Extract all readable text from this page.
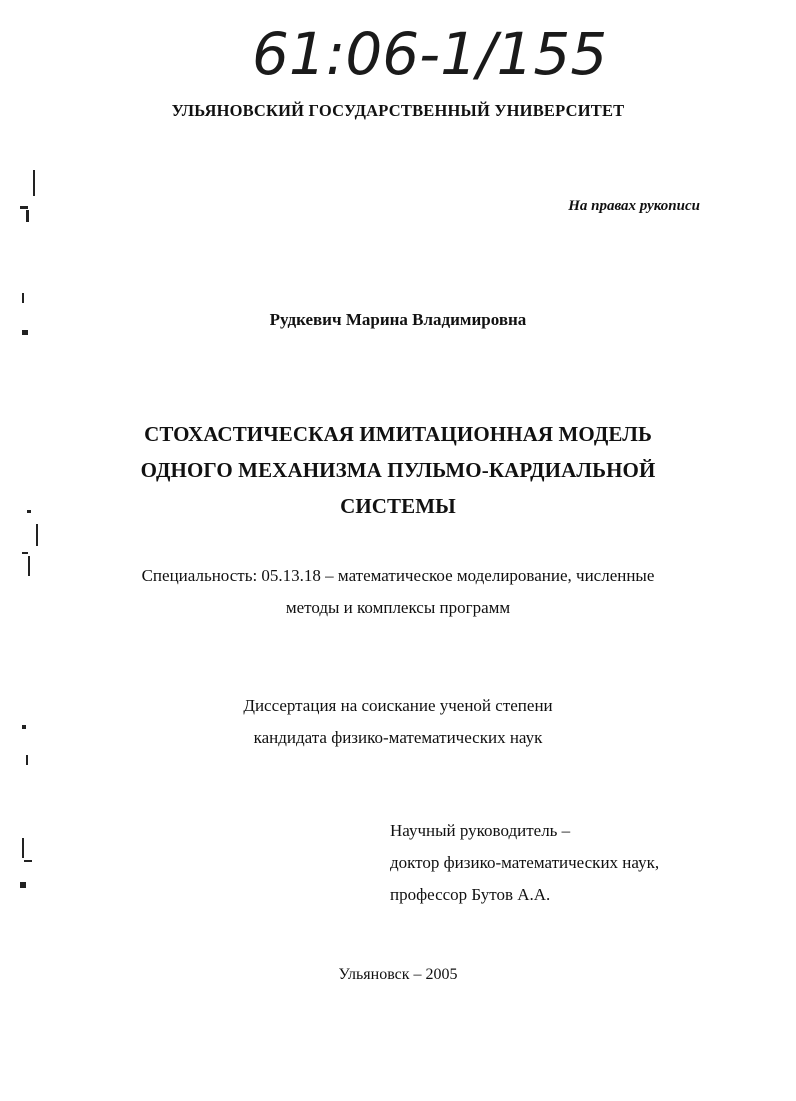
61:06-1/155
УЛЬЯНОВСКИЙ ГОСУДАРСТВЕННЫЙ УНИВЕРСИТЕТ
На правах рукописи
Рудкевич Марина Владимировна
СТОХАСТИЧЕСКАЯ ИМИТАЦИОННАЯ МОДЕЛЬ
ОДНОГО МЕХАНИЗМА ПУЛЬМО-КАРДИАЛЬНОЙ
СИСТЕМЫ
Специальность: 05.13.18 – математическое моделирование, численные
методы и комплексы программ
Диссертация на соискание ученой степени
кандидата физико-математических наук
Научный руководитель –
доктор физико-математических наук,
профессор Бутов А.А.
Ульяновск – 2005
